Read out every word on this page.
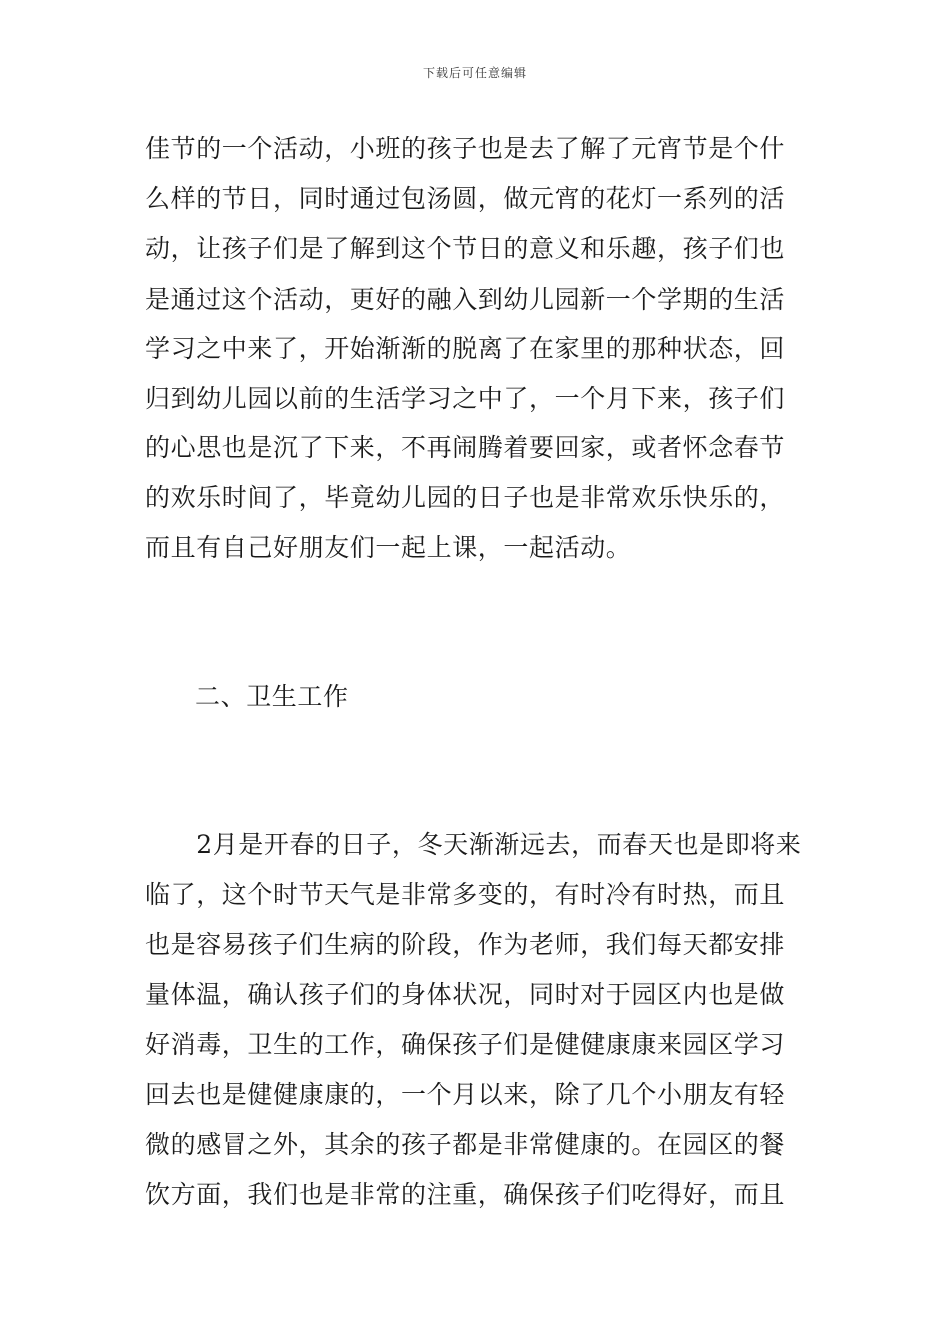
下载后可任意编辑
佳节的一个活动，小班的孩子也是去了解了元宵节是个什
么样的节日，同时通过包汤圆，做元宵的花灯一系列的活
动，让孩子们是了解到这个节日的意义和乐趣，孩子们也
是通过这个活动，更好的融入到幼儿园新一个学期的生活
学习之中来了，开始渐渐的脱离了在家里的那种状态，回
归到幼儿园以前的生活学习之中了，一个月下来，孩子们
的心思也是沉了下来，不再闹腾着要回家，或者怀念春节
的欢乐时间了，毕竟幼儿园的日子也是非常欢乐快乐的，
而且有自己好朋友们一起上课，一起活动。
二、卫生工作
　　2月是开春的日子，冬天渐渐远去，而春天也是即将来
临了，这个时节天气是非常多变的，有时冷有时热，而且
也是容易孩子们生病的阶段，作为老师，我们每天都安排
量体温，确认孩子们的身体状况，同时对于园区内也是做
好消毒，卫生的工作，确保孩子们是健健康康来园区学习
回去也是健健康康的，一个月以来，除了几个小朋友有轻
微的感冒之外，其余的孩子都是非常健康的。在园区的餐
饮方面，我们也是非常的注重，确保孩子们吃得好，而且
